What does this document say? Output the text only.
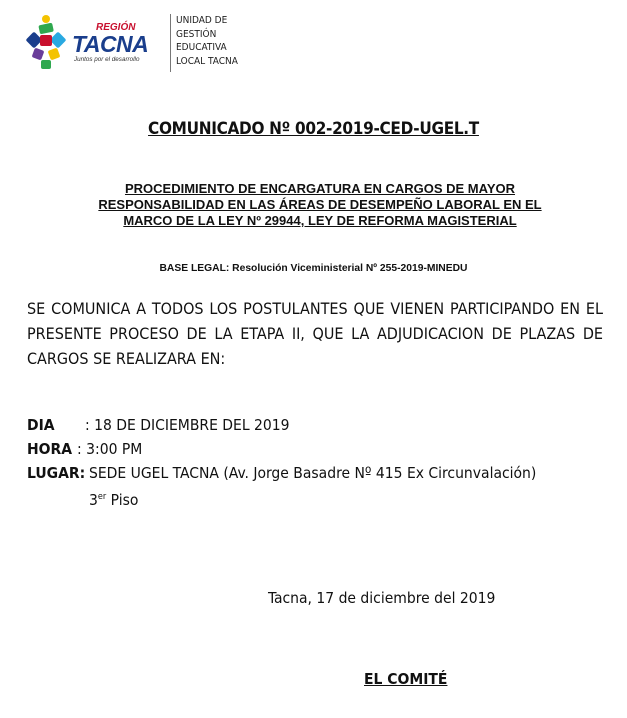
REGIÓN
TACNA
Juntos por el desarrollo
UNIDAD DE
GESTIÓN
EDUCATIVA
LOCAL TACNA
COMUNICADO Nº 002-2019-CED-UGEL.T
PROCEDIMIENTO DE ENCARGATURA EN CARGOS DE MAYOR
RESPONSABILIDAD EN LAS ÁREAS DE DESEMPEÑO LABORAL EN EL
MARCO DE LA LEY Nº 29944, LEY DE REFORMA MAGISTERIAL
BASE LEGAL: Resolución Viceministerial Nº 255-2019-MINEDU
SE COMUNICA A TODOS LOS POSTULANTES QUE VIENEN PARTICIPANDO EN EL
PRESENTE PROCESO DE LA ETAPA II, QUE LA ADJUDICACION DE PLAZAS DE
CARGOS SE REALIZARA EN:
DIA : 18 DE DICIEMBRE DEL 2019
HORA : 3:00 PM
LUGAR: SEDE UGEL TACNA (Av. Jorge Basadre Nº 415 Ex Circunvalación)
3er Piso
Tacna, 17 de diciembre del 2019
EL COMITÉ
